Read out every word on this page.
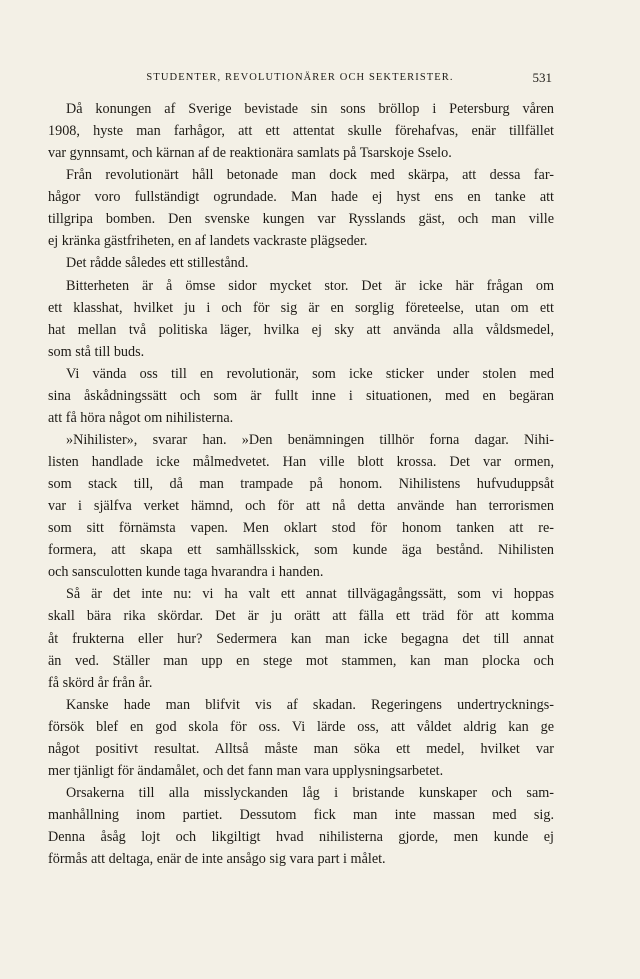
STUDENTER, REVOLUTIONÄRER OCH SEKTERISTER.	531
Då konungen af Sverige bevistade sin sons bröllop i Petersburg våren
1908, hyste man farhågor, att ett attentat skulle förehafvas, enär tillfället
var gynnsamt, och kärnan af de reaktionära samlats på Tsarskoje Sselo.
Från revolutionärt håll betonade man dock med skärpa, att dessa far-
hågor voro fullständigt ogrundade. Man hade ej hyst ens en tanke att
tillgripa bomben. Den svenske kungen var Rysslands gäst, och man ville
ej kränka gästfriheten, en af landets vackraste plägseder.
Det rådde således ett stillestånd.
Bitterheten är å ömse sidor mycket stor. Det är icke här frågan om
ett klasshat, hvilket ju i och för sig är en sorglig företeelse, utan om ett
hat mellan två politiska läger, hvilka ej sky att använda alla våldsmedel,
som stå till buds.
Vi vända oss till en revolutionär, som icke sticker under stolen med
sina åskådningssätt och som är fullt inne i situationen, med en begäran
att få höra något om nihilisterna.
»Nihilister», svarar han. »Den benämningen tillhör forna dagar. Nihi-
listen handlade icke målmedvetet. Han ville blott krossa. Det var ormen,
som stack till, då man trampade på honom. Nihilistens hufvuduppsåt
var i själfva verket hämnd, och för att nå detta använde han terrorismen
som sitt förnämsta vapen. Men oklart stod för honom tanken att re-
formera, att skapa ett samhällsskick, som kunde äga bestånd. Nihilisten
och sansculotten kunde taga hvarandra i handen.
Så är det inte nu: vi ha valt ett annat tillvägagångssätt, som vi hoppas
skall bära rika skördar. Det är ju orätt att fälla ett träd för att komma
åt frukterna eller hur? Sedermera kan man icke begagna det till annat
än ved. Ställer man upp en stege mot stammen, kan man plocka och
få skörd år från år.
Kanske hade man blifvit vis af skadan. Regeringens undertrycknings-
försök blef en god skola för oss. Vi lärde oss, att våldet aldrig kan ge
något positivt resultat. Alltså måste man söka ett medel, hvilket var
mer tjänligt för ändamålet, och det fann man vara upplysningsarbetet.
Orsakerna till alla misslyckanden låg i bristande kunskaper och sam-
manhållning inom partiet. Dessutom fick man inte massan med sig.
Denna åsåg lojt och likgiltigt hvad nihilisterna gjorde, men kunde ej
förmås att deltaga, enär de inte ansågo sig vara part i målet.
